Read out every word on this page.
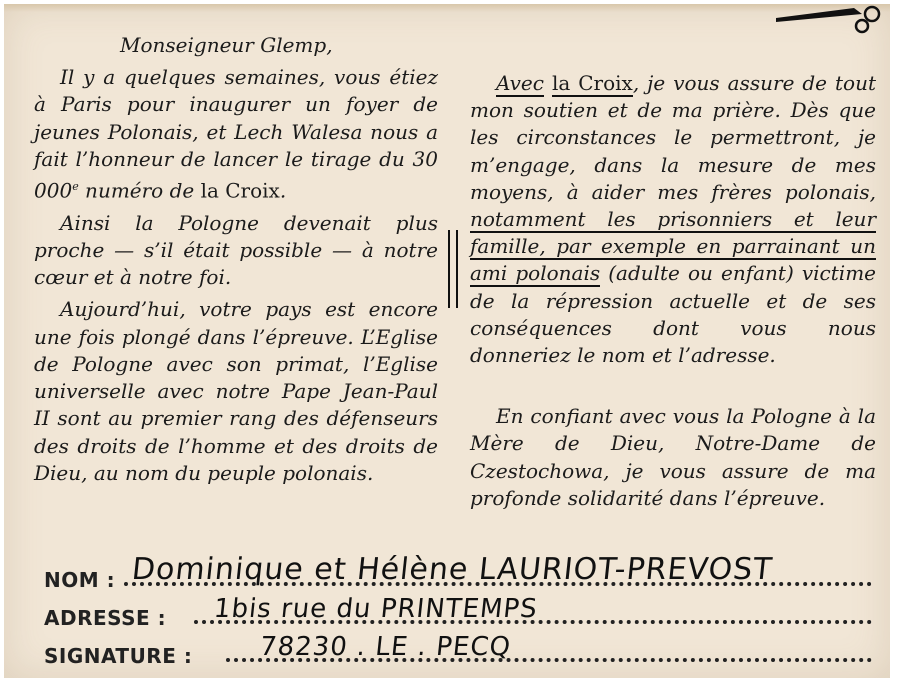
Monseigneur Glemp,

Il y a quelques semaines, vous étiez à Paris pour inaugurer un foyer de jeunes Polonais, et Lech Walesa nous a fait l’honneur de lancer le tirage du 30 000e numéro de la Croix.

Ainsi la Pologne devenait plus proche — s’il était possible — à notre cœur et à notre foi.

Aujourd’hui, votre pays est encore une fois plongé dans l’épreuve. L’Eglise de Pologne avec son primat, l’Eglise universelle avec notre Pape Jean-Paul II sont au premier rang des défenseurs des droits de l’homme et des droits de Dieu, au nom du peuple polonais.

Avec la Croix, je vous assure de tout mon soutien et de ma prière. Dès que les circonstances le permettront, je m’engage, dans la mesure de mes moyens, à aider mes frères polonais, notamment les prisonniers et leur famille, par exemple en parrainant un ami polonais (adulte ou enfant) victime de la répression actuelle et de ses conséquences dont vous nous donneriez le nom et l’adresse.

En confiant avec vous la Pologne à la Mère de Dieu, Notre-Dame de Czestochowa, je vous assure de ma profonde solidarité dans l’épreuve.

NOM : Dominique et Hélène LAURIOT-PREVOST
ADRESSE : 1bis rue du PRINTEMPS
SIGNATURE :	78230 . LE . PECQ
